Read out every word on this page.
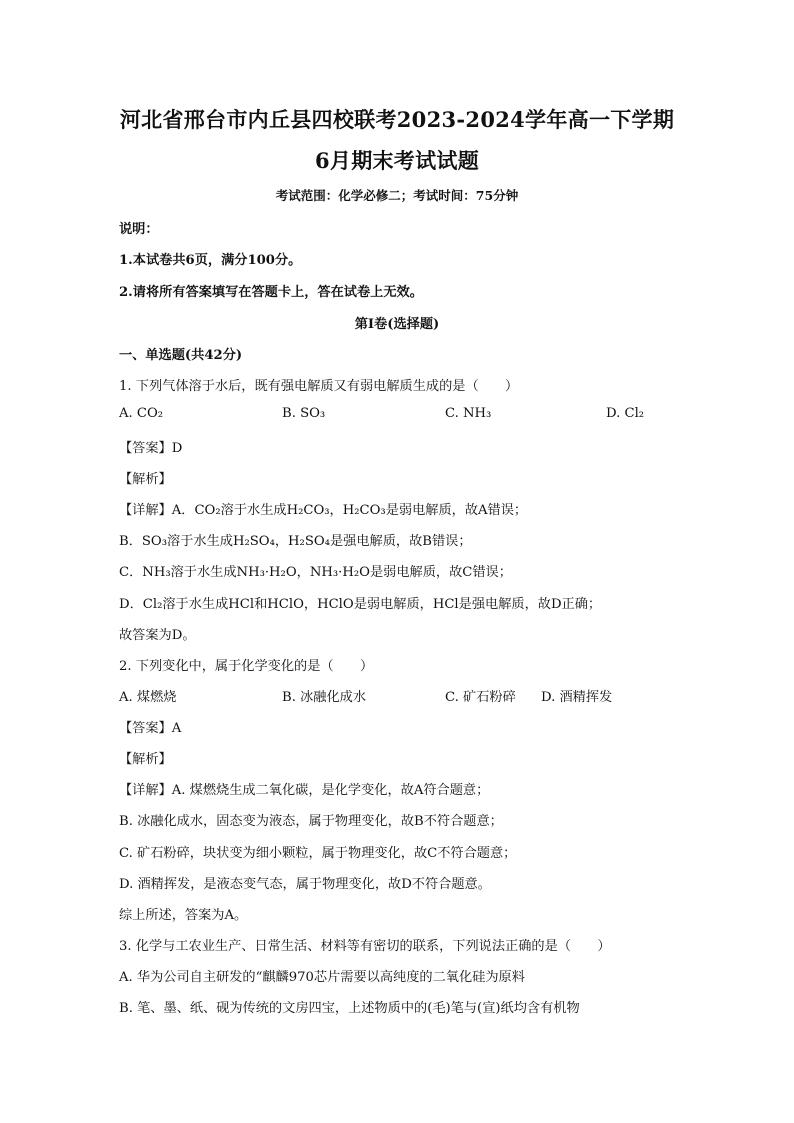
河北省邢台市内丘县四校联考2023-2024学年高一下学期
6月期末考试试题
考试范围：化学必修二；考试时间：75分钟
说明：
1.本试卷共6页，满分100分。
2.请将所有答案填写在答题卡上，答在试卷上无效。
第I卷(选择题)
一、单选题(共42分)
1. 下列气体溶于水后，既有强电解质又有弱电解质生成的是（　　）
A. CO₂	B. SO₃	C. NH₃	D. Cl₂
【答案】D
【解析】
【详解】A．CO₂溶于水生成H₂CO₃，H₂CO₃是弱电解质，故A错误；
B．SO₃溶于水生成H₂SO₄，H₂SO₄是强电解质，故B错误；
C．NH₃溶于水生成NH₃·H₂O，NH₃·H₂O是弱电解质，故C错误；
D．Cl₂溶于水生成HCl和HClO，HClO是弱电解质，HCl是强电解质，故D正确；
故答案为D。
2. 下列变化中，属于化学变化的是（　　）
A. 煤燃烧	B. 冰融化成水	C. 矿石粉碎 D. 酒精挥发
【答案】A
【解析】
【详解】A. 煤燃烧生成二氧化碳，是化学变化，故A符合题意；
B. 冰融化成水，固态变为液态，属于物理变化，故B不符合题意；
C. 矿石粉碎，块状变为细小颗粒，属于物理变化，故C不符合题意；
D. 酒精挥发，是液态变气态，属于物理变化，故D不符合题意。
综上所述，答案为A。
3. 化学与工农业生产、日常生活、材料等有密切的联系，下列说法正确的是（　　）
A. 华为公司自主研发的“麒麟970芯片需要以高纯度的二氧化硅为原料
B. 笔、墨、纸、砚为传统的文房四宝，上述物质中的(毛)笔与(宣)纸均含有机物
